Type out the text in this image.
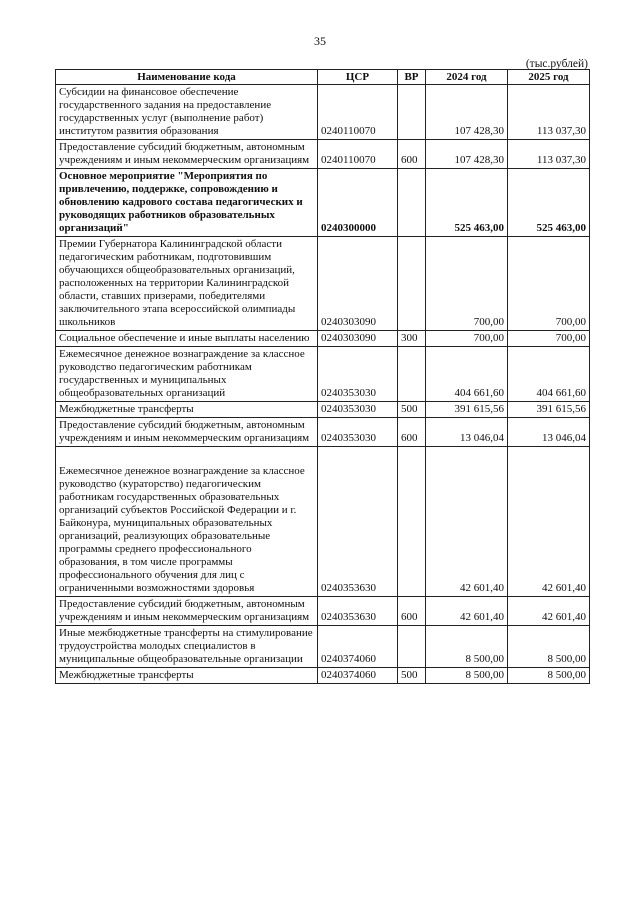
35
(тыс.рублей)
Наименование кода	ЦСР	ВР	2024 год	2025 год
Субсидии на финансовое обеспечение государственного задания на предоставление государственных услуг (выполнение работ) институтом развития образования	0240110070		107 428,30	113 037,30
Предоставление субсидий бюджетным, автономным учреждениям и иным некоммерческим организациям	0240110070	600	107 428,30	113 037,30
Основное мероприятие "Мероприятия по привлечению, поддержке, сопровождению и обновлению кадрового состава педагогических и руководящих работников образовательных организаций"	0240300000		525 463,00	525 463,00
Премии Губернатора Калининградской области педагогическим работникам, подготовившим обучающихся общеобразовательных организаций, расположенных на территории Калининградской области, ставших призерами, победителями заключительного этапа всероссийской олимпиады школьников	0240303090		700,00	700,00
Социальное обеспечение и иные выплаты населению	0240303090	300	700,00	700,00
Ежемесячное денежное вознаграждение за классное руководство педагогическим работникам государственных и муниципальных общеобразовательных организаций	0240353030		404 661,60	404 661,60
Межбюджетные трансферты	0240353030	500	391 615,56	391 615,56
Предоставление субсидий бюджетным, автономным учреждениям и иным некоммерческим организациям	0240353030	600	13 046,04	13 046,04
Ежемесячное денежное вознаграждение за классное руководство (кураторство) педагогическим работникам государственных образовательных организаций субъектов Российской Федерации и г. Байконура, муниципальных образовательных организаций, реализующих образовательные программы среднего профессионального образования, в том числе программы профессионального обучения для лиц с ограниченными возможностями здоровья	0240353630		42 601,40	42 601,40
Предоставление субсидий бюджетным, автономным учреждениям и иным некоммерческим организациям	0240353630	600	42 601,40	42 601,40
Иные межбюджетные трансферты на стимулирование трудоустройства молодых специалистов в муниципальные общеобразовательные организации	0240374060		8 500,00	8 500,00
Межбюджетные трансферты	0240374060	500	8 500,00	8 500,00
